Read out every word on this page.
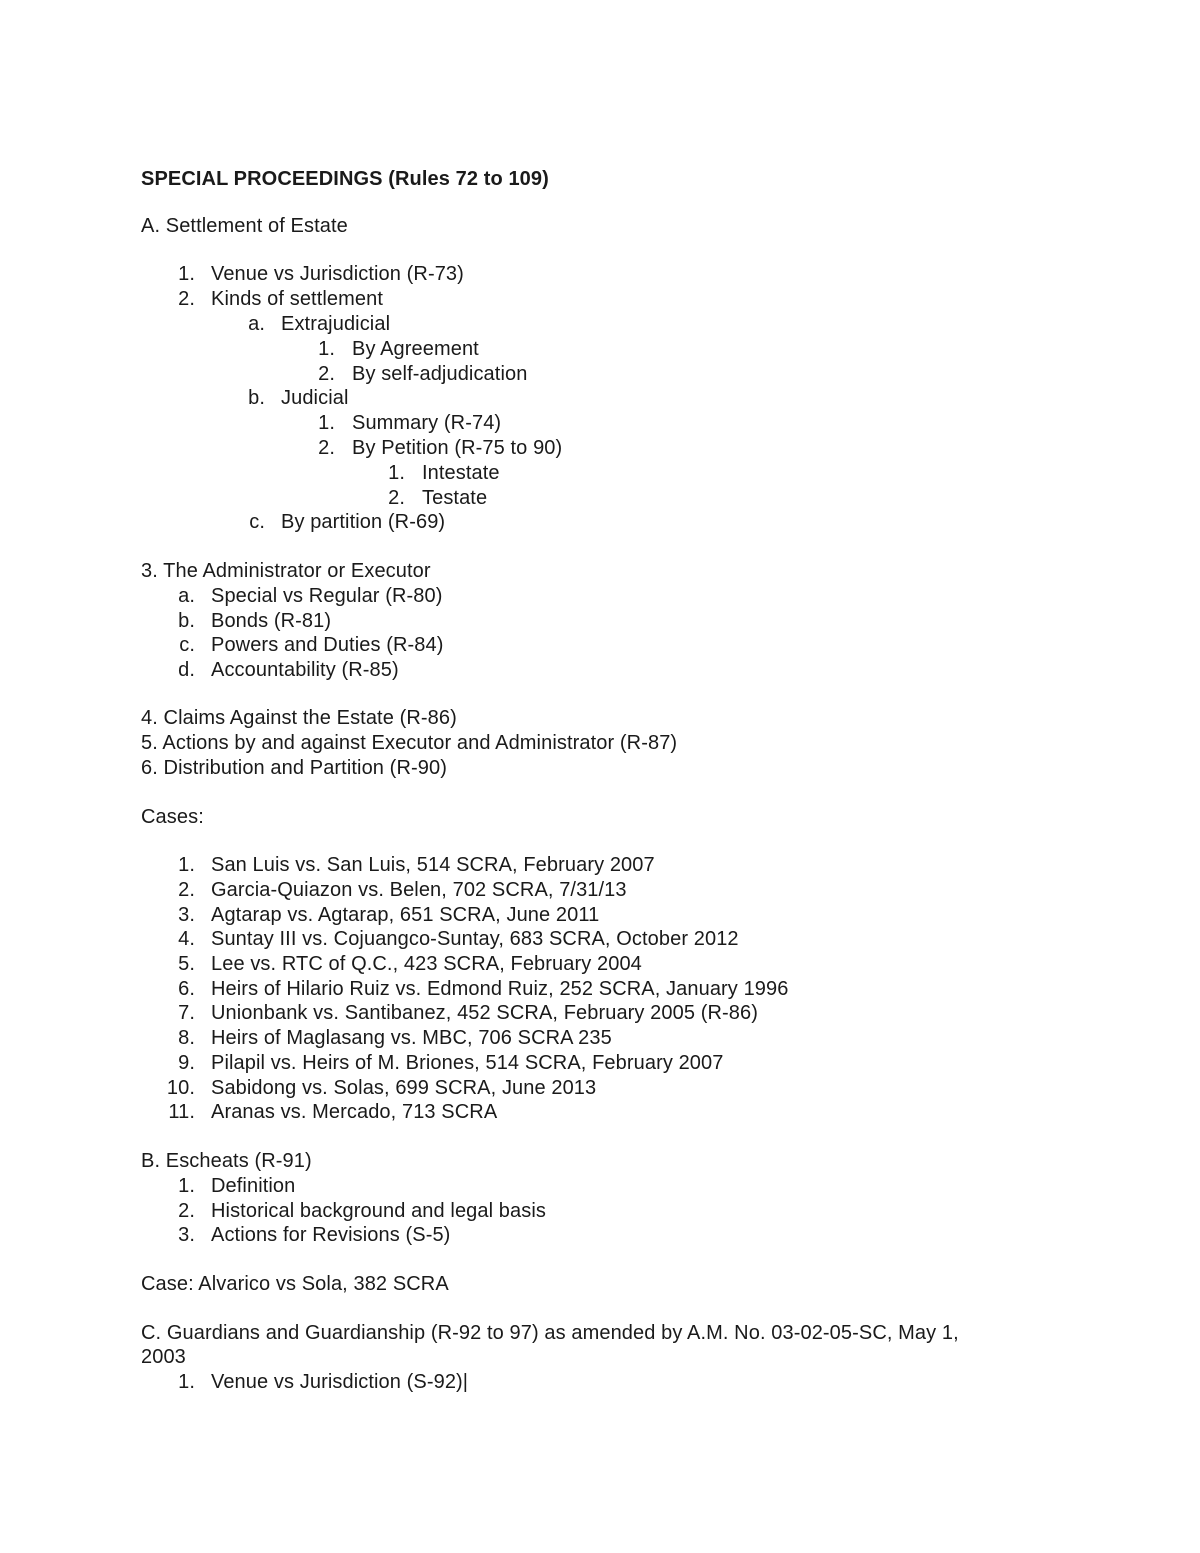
SPECIAL PROCEEDINGS (Rules 72 to 109)
A. Settlement of Estate
1. Venue vs Jurisdiction (R-73)
2. Kinds of settlement
a. Extrajudicial
1. By Agreement
2. By self-adjudication
b. Judicial
1. Summary (R-74)
2. By Petition (R-75 to 90)
1. Intestate
2. Testate
c. By partition (R-69)
3. The Administrator or Executor
a. Special vs Regular (R-80)
b. Bonds (R-81)
c. Powers and Duties (R-84)
d. Accountability (R-85)
4. Claims Against the Estate (R-86)
5. Actions by and against Executor and Administrator (R-87)
6. Distribution and Partition (R-90)
Cases:
1. San Luis vs. San Luis, 514 SCRA, February 2007
2. Garcia-Quiazon vs. Belen, 702 SCRA, 7/31/13
3. Agtarap vs. Agtarap, 651 SCRA, June 2011
4. Suntay III vs. Cojuangco-Suntay, 683 SCRA, October 2012
5. Lee vs. RTC of Q.C., 423 SCRA, February 2004
6. Heirs of Hilario Ruiz vs. Edmond Ruiz, 252 SCRA, January 1996
7. Unionbank vs. Santibanez, 452 SCRA, February 2005 (R-86)
8. Heirs of Maglasang vs. MBC, 706 SCRA 235
9. Pilapil vs. Heirs of M. Briones, 514 SCRA, February 2007
10. Sabidong vs. Solas, 699 SCRA, June 2013
11. Aranas vs. Mercado, 713 SCRA
B. Escheats (R-91)
1. Definition
2. Historical background and legal basis
3. Actions for Revisions (S-5)
Case: Alvarico vs Sola, 382 SCRA
C. Guardians and Guardianship (R-92 to 97) as amended by A.M. No. 03-02-05-SC, May 1,
2003
1. Venue vs Jurisdiction (S-92)|
